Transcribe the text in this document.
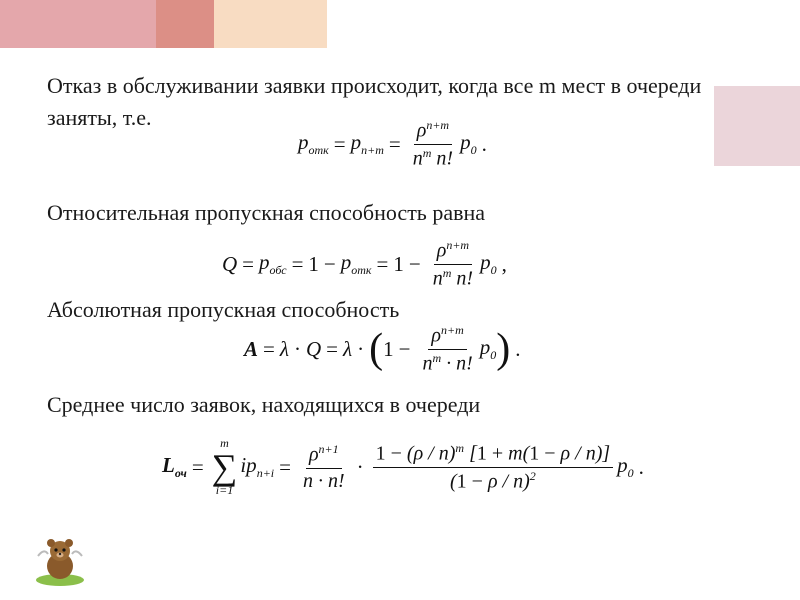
Отказ в обслуживании заявки происходит, когда все m мест в очереди заняты, т.е.
$p_{отк} = p_{n+m} = \frac{\rho^{n+m}}{n^m n!} p_0$ .
Относительная пропускная способность равна
$Q = p_{обс} = 1 - p_{отк} = 1 - \frac{\rho^{n+m}}{n^m n!} p_0$ ,
Абсолютная пропускная способность
A = λ · Q = λ · ( $1 - \frac{\rho^{n+m}}{n^m \cdot n!} p_0$ ) .
Среднее число заявок, находящихся в очереди
$L_{оч}$ =
m
∑
i=1
$ip_{n+i} = \frac{\rho^{n+1}}{n \cdot n!} \cdot \frac{1 - (\rho / n)^m [1 + m(1 - \rho / n)]}{(1 - \rho / n)^2} p_0$ .
